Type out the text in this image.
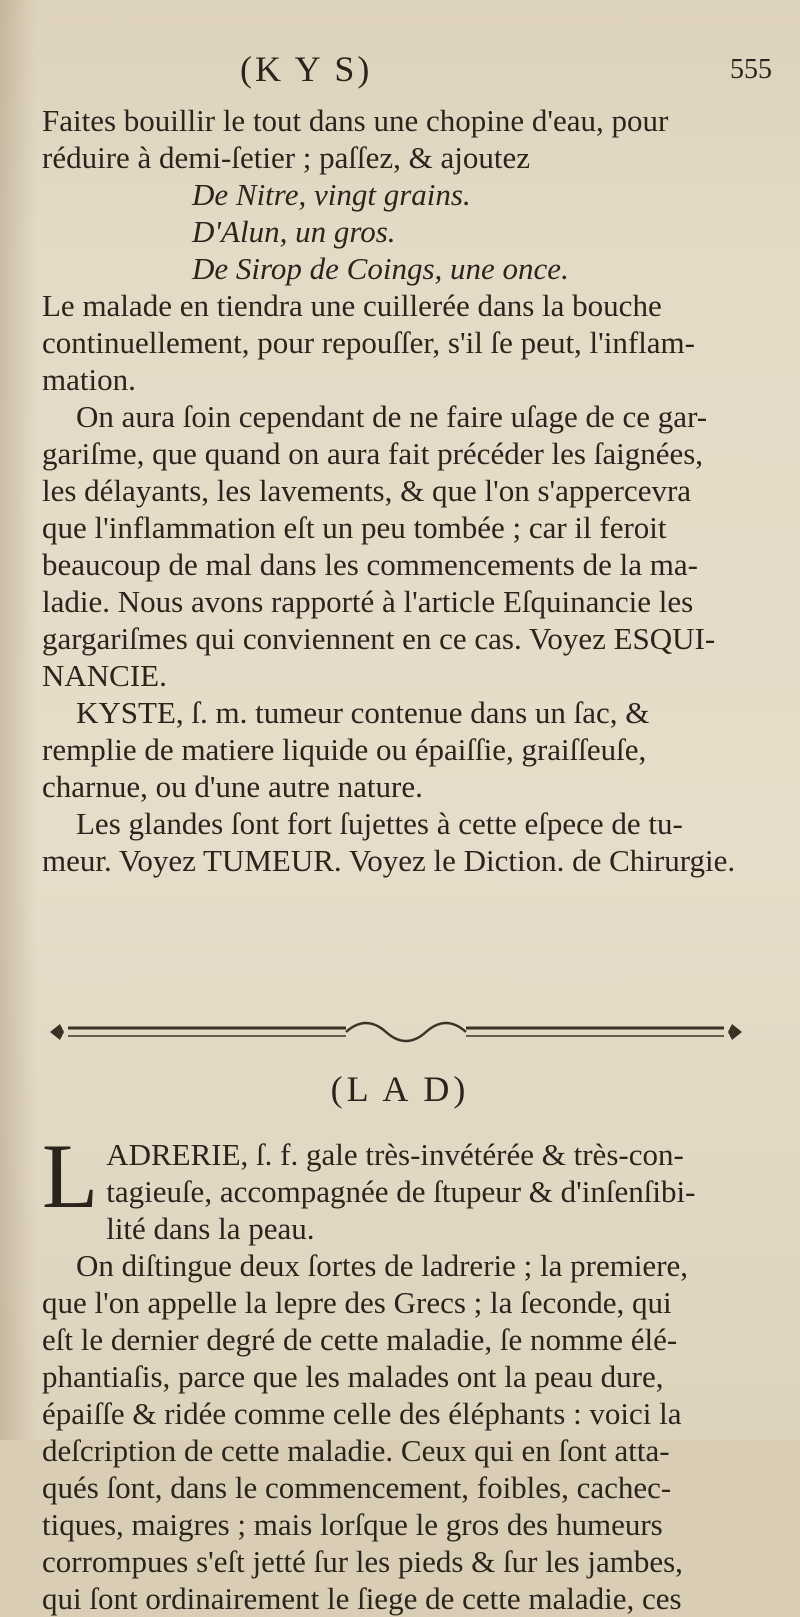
(K Y S)	555
Faites bouillir le tout dans une chopine d'eau, pour
réduire à demi-ſetier ; paſſez, & ajoutez
De Nitre, vingt grains.
D'Alun, un gros.
De Sirop de Coings, une once.
Le malade en tiendra une cuillerée dans la bouche
continuellement, pour repouſſer, s'il ſe peut, l'inflam-
mation.
On aura ſoin cependant de ne faire uſage de ce gar-
gariſme, que quand on aura fait précéder les ſaignées,
les délayants, les lavements, & que l'on s'appercevra
que l'inflammation eſt un peu tombée ; car il feroit
beaucoup de mal dans les commencements de la ma-
ladie. Nous avons rapporté à l'article Eſquinancie les
gargariſmes qui conviennent en ce cas. Voyez ESQUI-
NANCIE.
KYSTE, ſ. m. tumeur contenue dans un ſac, &
remplie de matiere liquide ou épaiſſie, graiſſeuſe,
charnue, ou d'une autre nature.
Les glandes ſont fort ſujettes à cette eſpece de tu-
meur. Voyez TUMEUR. Voyez le Diction. de Chirurgie.
(L A D)
L ADRERIE, ſ. f. gale très-invétérée & très-con-
tagieuſe, accompagnée de ſtupeur & d'inſenſibi-
lité dans la peau.
On diſtingue deux ſortes de ladrerie ; la premiere,
que l'on appelle la lepre des Grecs ; la ſeconde, qui
eſt le dernier degré de cette maladie, ſe nomme élé-
phantiaſis, parce que les malades ont la peau dure,
épaiſſe & ridée comme celle des éléphants : voici la
deſcription de cette maladie. Ceux qui en ſont atta-
qués ſont, dans le commencement, foibles, cachec-
tiques, maigres ; mais lorſque le gros des humeurs
corrompues s'eſt jetté ſur les pieds & ſur les jambes,
qui ſont ordinairement le ſiege de cette maladie, ces
